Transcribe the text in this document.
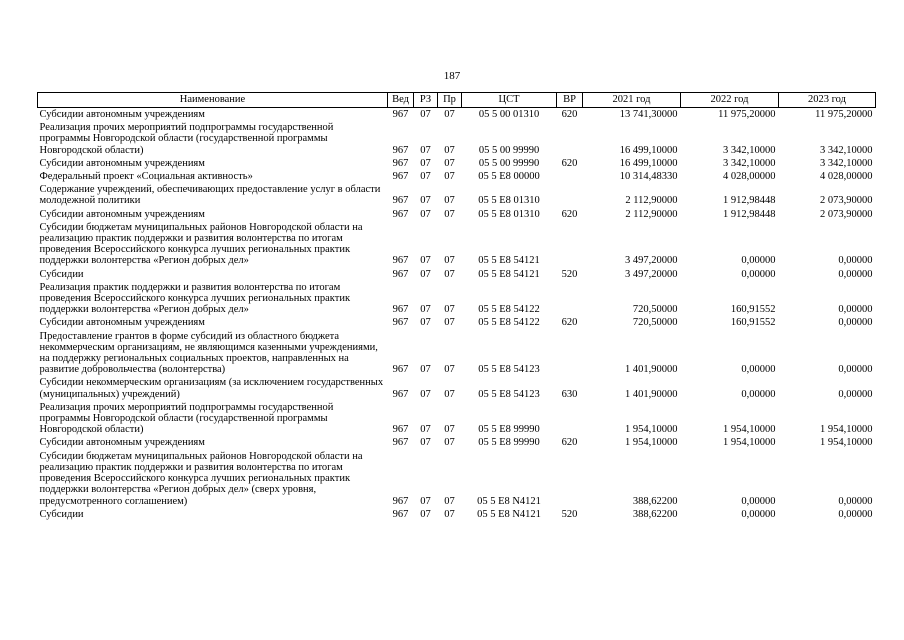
187
Наименование	Вед	РЗ	Пр	ЦСТ	ВР	2021 год	2022 год	2023 год
Субсидии автономным учреждениям	967	07	07	05 5 00 01310	620	13 741,30000	11 975,20000	11 975,20000
Реализация прочих мероприятий подпрограммы государственной программы Новгородской области (государственной программы Новгородской области)	967	07	07	05 5 00 99990		16 499,10000	3 342,10000	3 342,10000
Субсидии автономным учреждениям	967	07	07	05 5 00 99990	620	16 499,10000	3 342,10000	3 342,10000
Федеральный проект «Социальная активность»	967	07	07	05 5 E8 00000		10 314,48330	4 028,00000	4 028,00000
Содержание учреждений, обеспечивающих предоставление услуг в области молодежной политики	967	07	07	05 5 E8 01310		2 112,90000	1 912,98448	2 073,90000
Субсидии автономным учреждениям	967	07	07	05 5 E8 01310	620	2 112,90000	1 912,98448	2 073,90000
Субсидии бюджетам муниципальных районов Новгородской области на реализацию практик поддержки и развития волонтерства по итогам проведения Всероссийского конкурса лучших региональных практик поддержки волонтерства «Регион добрых дел»	967	07	07	05 5 E8 54121		3 497,20000	0,00000	0,00000
Субсидии	967	07	07	05 5 E8 54121	520	3 497,20000	0,00000	0,00000
Реализация практик поддержки и развития волонтерства по итогам проведения Всероссийского конкурса лучших региональных практик поддержки волонтерства «Регион добрых дел»	967	07	07	05 5 E8 54122		720,50000	160,91552	0,00000
Субсидии автономным учреждениям	967	07	07	05 5 E8 54122	620	720,50000	160,91552	0,00000
Предоставление грантов в форме субсидий из областного бюджета некоммерческим организациям, не являющимся казенными учреждениями, на поддержку региональных социальных проектов, направленных на развитие добровольчества (волонтерства)	967	07	07	05 5 E8 54123		1 401,90000	0,00000	0,00000
Субсидии некоммерческим организациям (за исключением государственных (муниципальных) учреждений)	967	07	07	05 5 E8 54123	630	1 401,90000	0,00000	0,00000
Реализация прочих мероприятий подпрограммы государственной программы Новгородской области (государственной программы Новгородской области)	967	07	07	05 5 E8 99990		1 954,10000	1 954,10000	1 954,10000
Субсидии автономным учреждениям	967	07	07	05 5 E8 99990	620	1 954,10000	1 954,10000	1 954,10000
Субсидии бюджетам муниципальных районов Новгородской области на реализацию практик поддержки и развития волонтерства по итогам проведения Всероссийского конкурса лучших региональных практик поддержки волонтерства «Регион добрых дел» (сверх уровня, предусмотренного соглашением)	967	07	07	05 5 E8 N4121		388,62200	0,00000	0,00000
Субсидии	967	07	07	05 5 E8 N4121	520	388,62200	0,00000	0,00000
